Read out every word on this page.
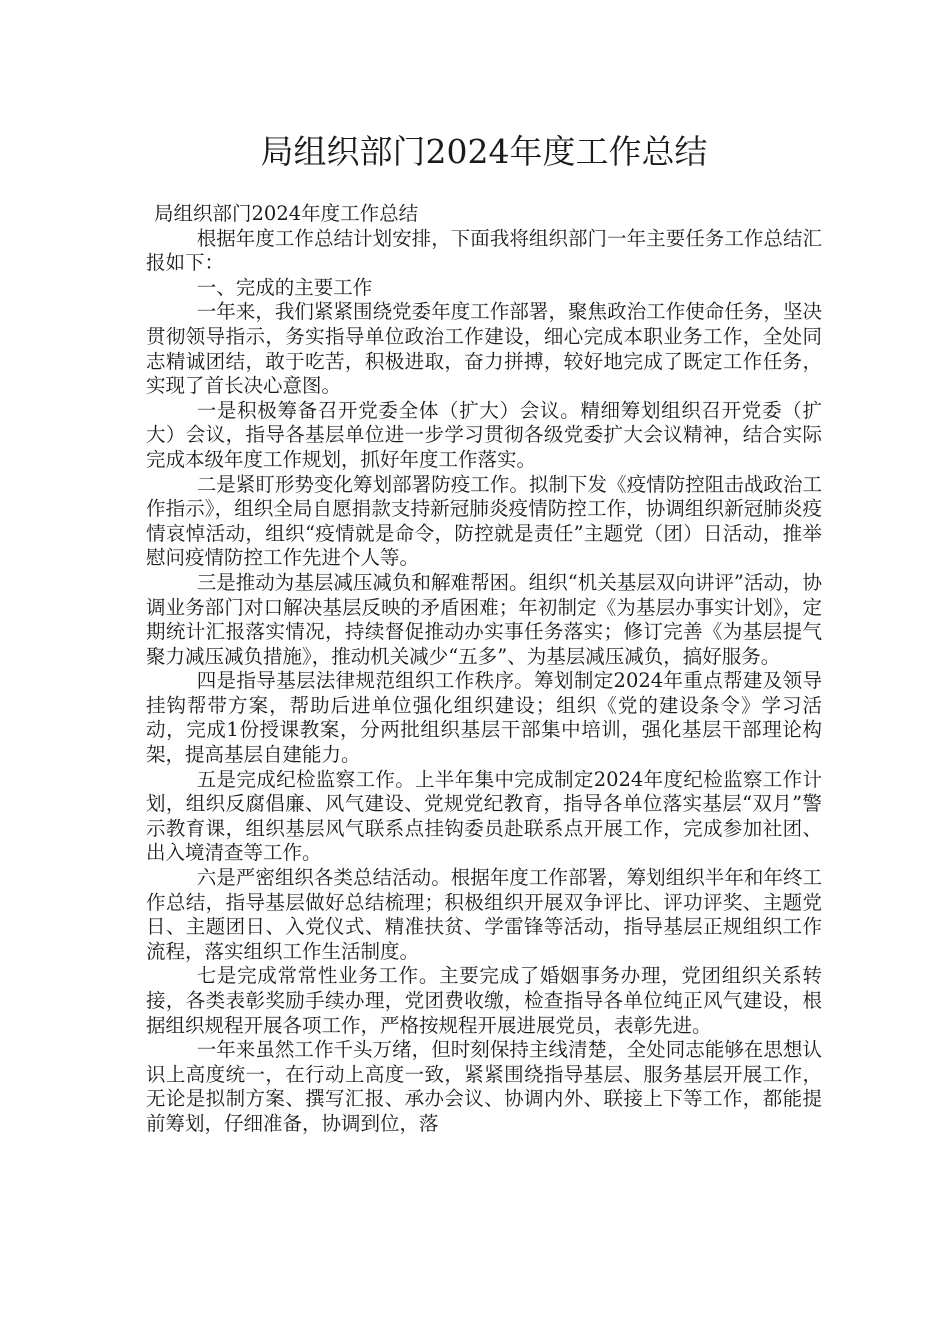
局组织部门2024年度工作总结

局组织部门2024年度工作总结

根据年度工作总结计划安排，下面我将组织部门一年主要任务工作总结汇报如下：

一、完成的主要工作

一年来，我们紧紧围绕党委年度工作部署，聚焦政治工作使命任务，坚决贯彻领导指示，务实指导单位政治工作建设，细心完成本职业务工作，全处同志精诚团结，敢于吃苦，积极进取，奋力拼搏，较好地完成了既定工作任务，实现了首长决心意图。

一是积极筹备召开党委全体（扩大）会议。精细筹划组织召开党委（扩大）会议，指导各基层单位进一步学习贯彻各级党委扩大会议精神，结合实际完成本级年度工作规划，抓好年度工作落实。

二是紧盯形势变化筹划部署防疫工作。拟制下发《疫情防控阻击战政治工作指示》，组织全局自愿捐款支持新冠肺炎疫情防控工作，协调组织新冠肺炎疫情哀悼活动，组织“疫情就是命令，防控就是责任”主题党（团）日活动，推举慰问疫情防控工作先进个人等。

三是推动为基层减压减负和解难帮困。组织“机关基层双向讲评”活动，协调业务部门对口解决基层反映的矛盾困难；年初制定《为基层办事实计划》，定期统计汇报落实情况，持续督促推动办实事任务落实；修订完善《为基层提气聚力减压减负措施》，推动机关减少“五多”、为基层减压减负，搞好服务。

四是指导基层法律规范组织工作秩序。筹划制定2024年重点帮建及领导挂钩帮带方案，帮助后进单位强化组织建设；组织《党的建设条令》学习活动，完成1份授课教案，分两批组织基层干部集中培训，强化基层干部理论构架，提高基层自建能力。

五是完成纪检监察工作。上半年集中完成制定2024年度纪检监察工作计划，组织反腐倡廉、风气建设、党规党纪教育，指导各单位落实基层“双月”警示教育课，组织基层风气联系点挂钩委员赴联系点开展工作，完成参加社团、出入境清查等工作。

六是严密组织各类总结活动。根据年度工作部署，筹划组织半年和年终工作总结，指导基层做好总结梳理；积极组织开展双争评比、评功评奖、主题党日、主题团日、入党仪式、精准扶贫、学雷锋等活动，指导基层正规组织工作流程，落实组织工作生活制度。

七是完成常常性业务工作。主要完成了婚姻事务办理，党团组织关系转接，各类表彰奖励手续办理，党团费收缴，检查指导各单位纯正风气建设，根据组织规程开展各项工作，严格按规程开展进展党员，表彰先进。

一年来虽然工作千头万绪，但时刻保持主线清楚，全处同志能够在思想认识上高度统一，在行动上高度一致，紧紧围绕指导基层、服务基层开展工作，无论是拟制方案、撰写汇报、承办会议、协调内外、联接上下等工作，都能提前筹划，仔细准备，协调到位，落
